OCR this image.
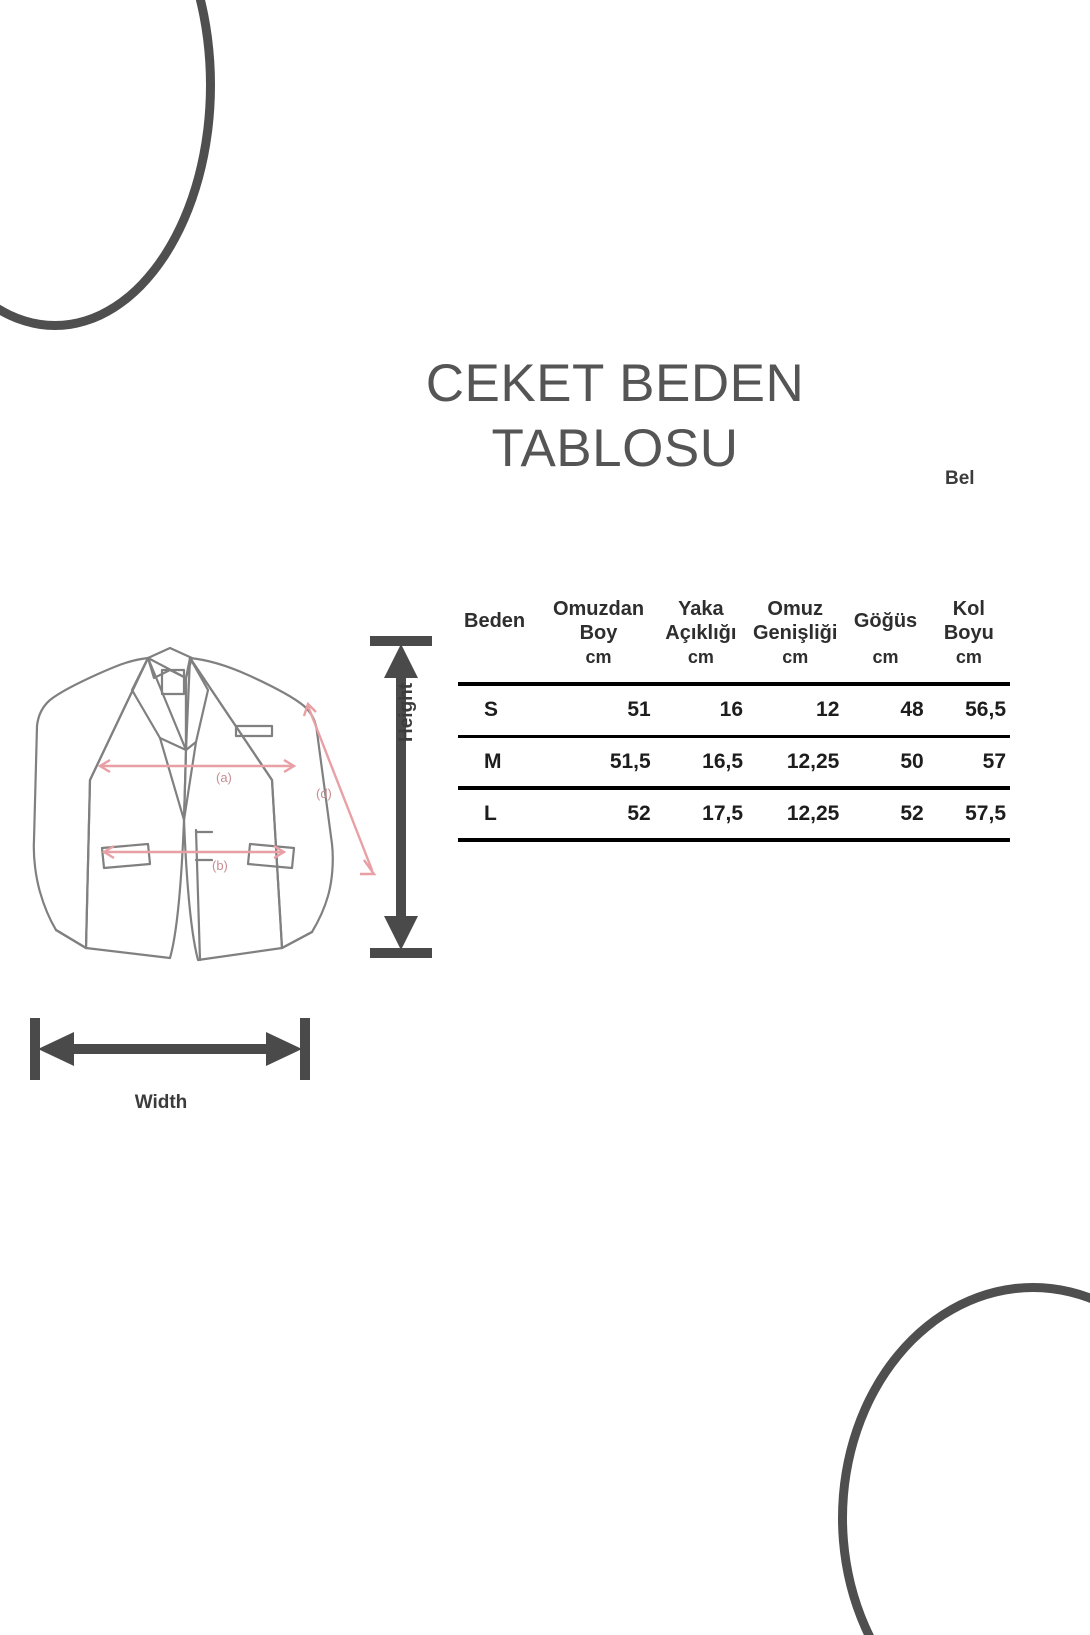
CEKET BEDEN TABLOSU
Bel
(a)
(b)
(d)
Height
Width
Beden	Omuzdan Boy	Yaka Açıklığı	Omuz Genişliği	Göğüs	Kol Boyu
	cm	cm	cm	cm	cm
S	51	16	12	48	56,5
M	51,5	16,5	12,25	50	57
L	52	17,5	12,25	52	57,5
